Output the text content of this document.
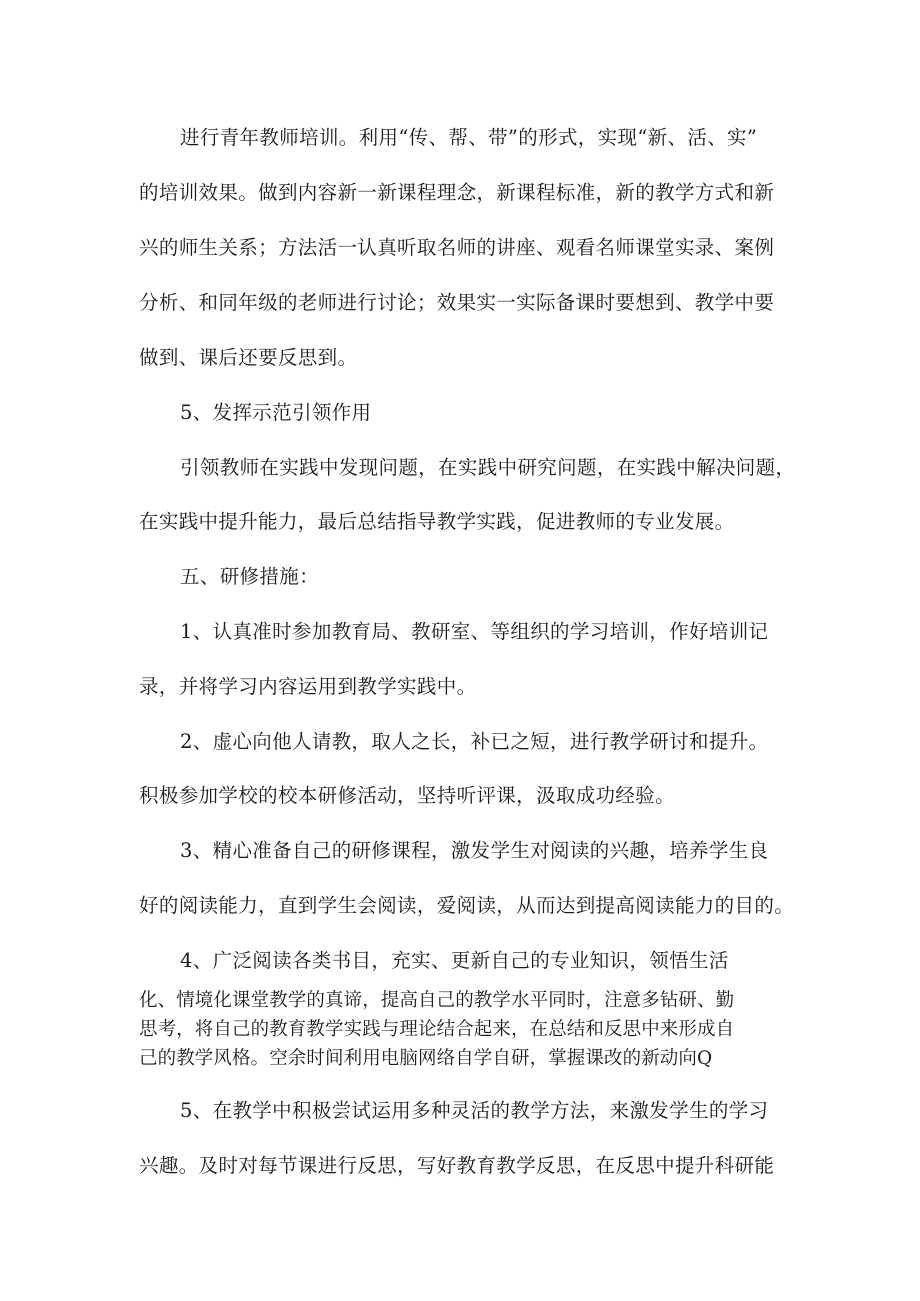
进行青年教师培训。利用“传、帮、带”的形式，实现“新、活、实”

的培训效果。做到内容新一新课程理念，新课程标准，新的教学方式和新

兴的师生关系；方法活一认真听取名师的讲座、观看名师课堂实录、案例

分析、和同年级的老师进行讨论；效果实一实际备课时要想到、教学中要

做到、课后还要反思到。

5、发挥示范引领作用

引领教师在实践中发现问题，在实践中研究问题，在实践中解决问题，

在实践中提升能力，最后总结指导教学实践，促进教师的专业发展。

五、研修措施：

1、认真准时参加教育局、教研室、等组织的学习培训，作好培训记

录，并将学习内容运用到教学实践中。

2、虚心向他人请教，取人之长，补已之短，进行教学研讨和提升。

积极参加学校的校本研修活动，坚持听评课，汲取成功经验。

3、精心准备自己的研修课程，激发学生对阅读的兴趣，培养学生良

好的阅读能力，直到学生会阅读，爱阅读，从而达到提高阅读能力的目的。

4、广泛阅读各类书目，充实、更新自己的专业知识，领悟生活

化、情境化课堂教学的真谛，提高自己的教学水平同时，注意多钻研、勤

思考，将自己的教育教学实践与理论结合起来，在总结和反思中来形成自

己的教学风格。空余时间利用电脑网络自学自研，掌握课改的新动向Q

5、在教学中积极尝试运用多种灵活的教学方法，来激发学生的学习

兴趣。及时对每节课进行反思，写好教育教学反思，在反思中提升科研能
